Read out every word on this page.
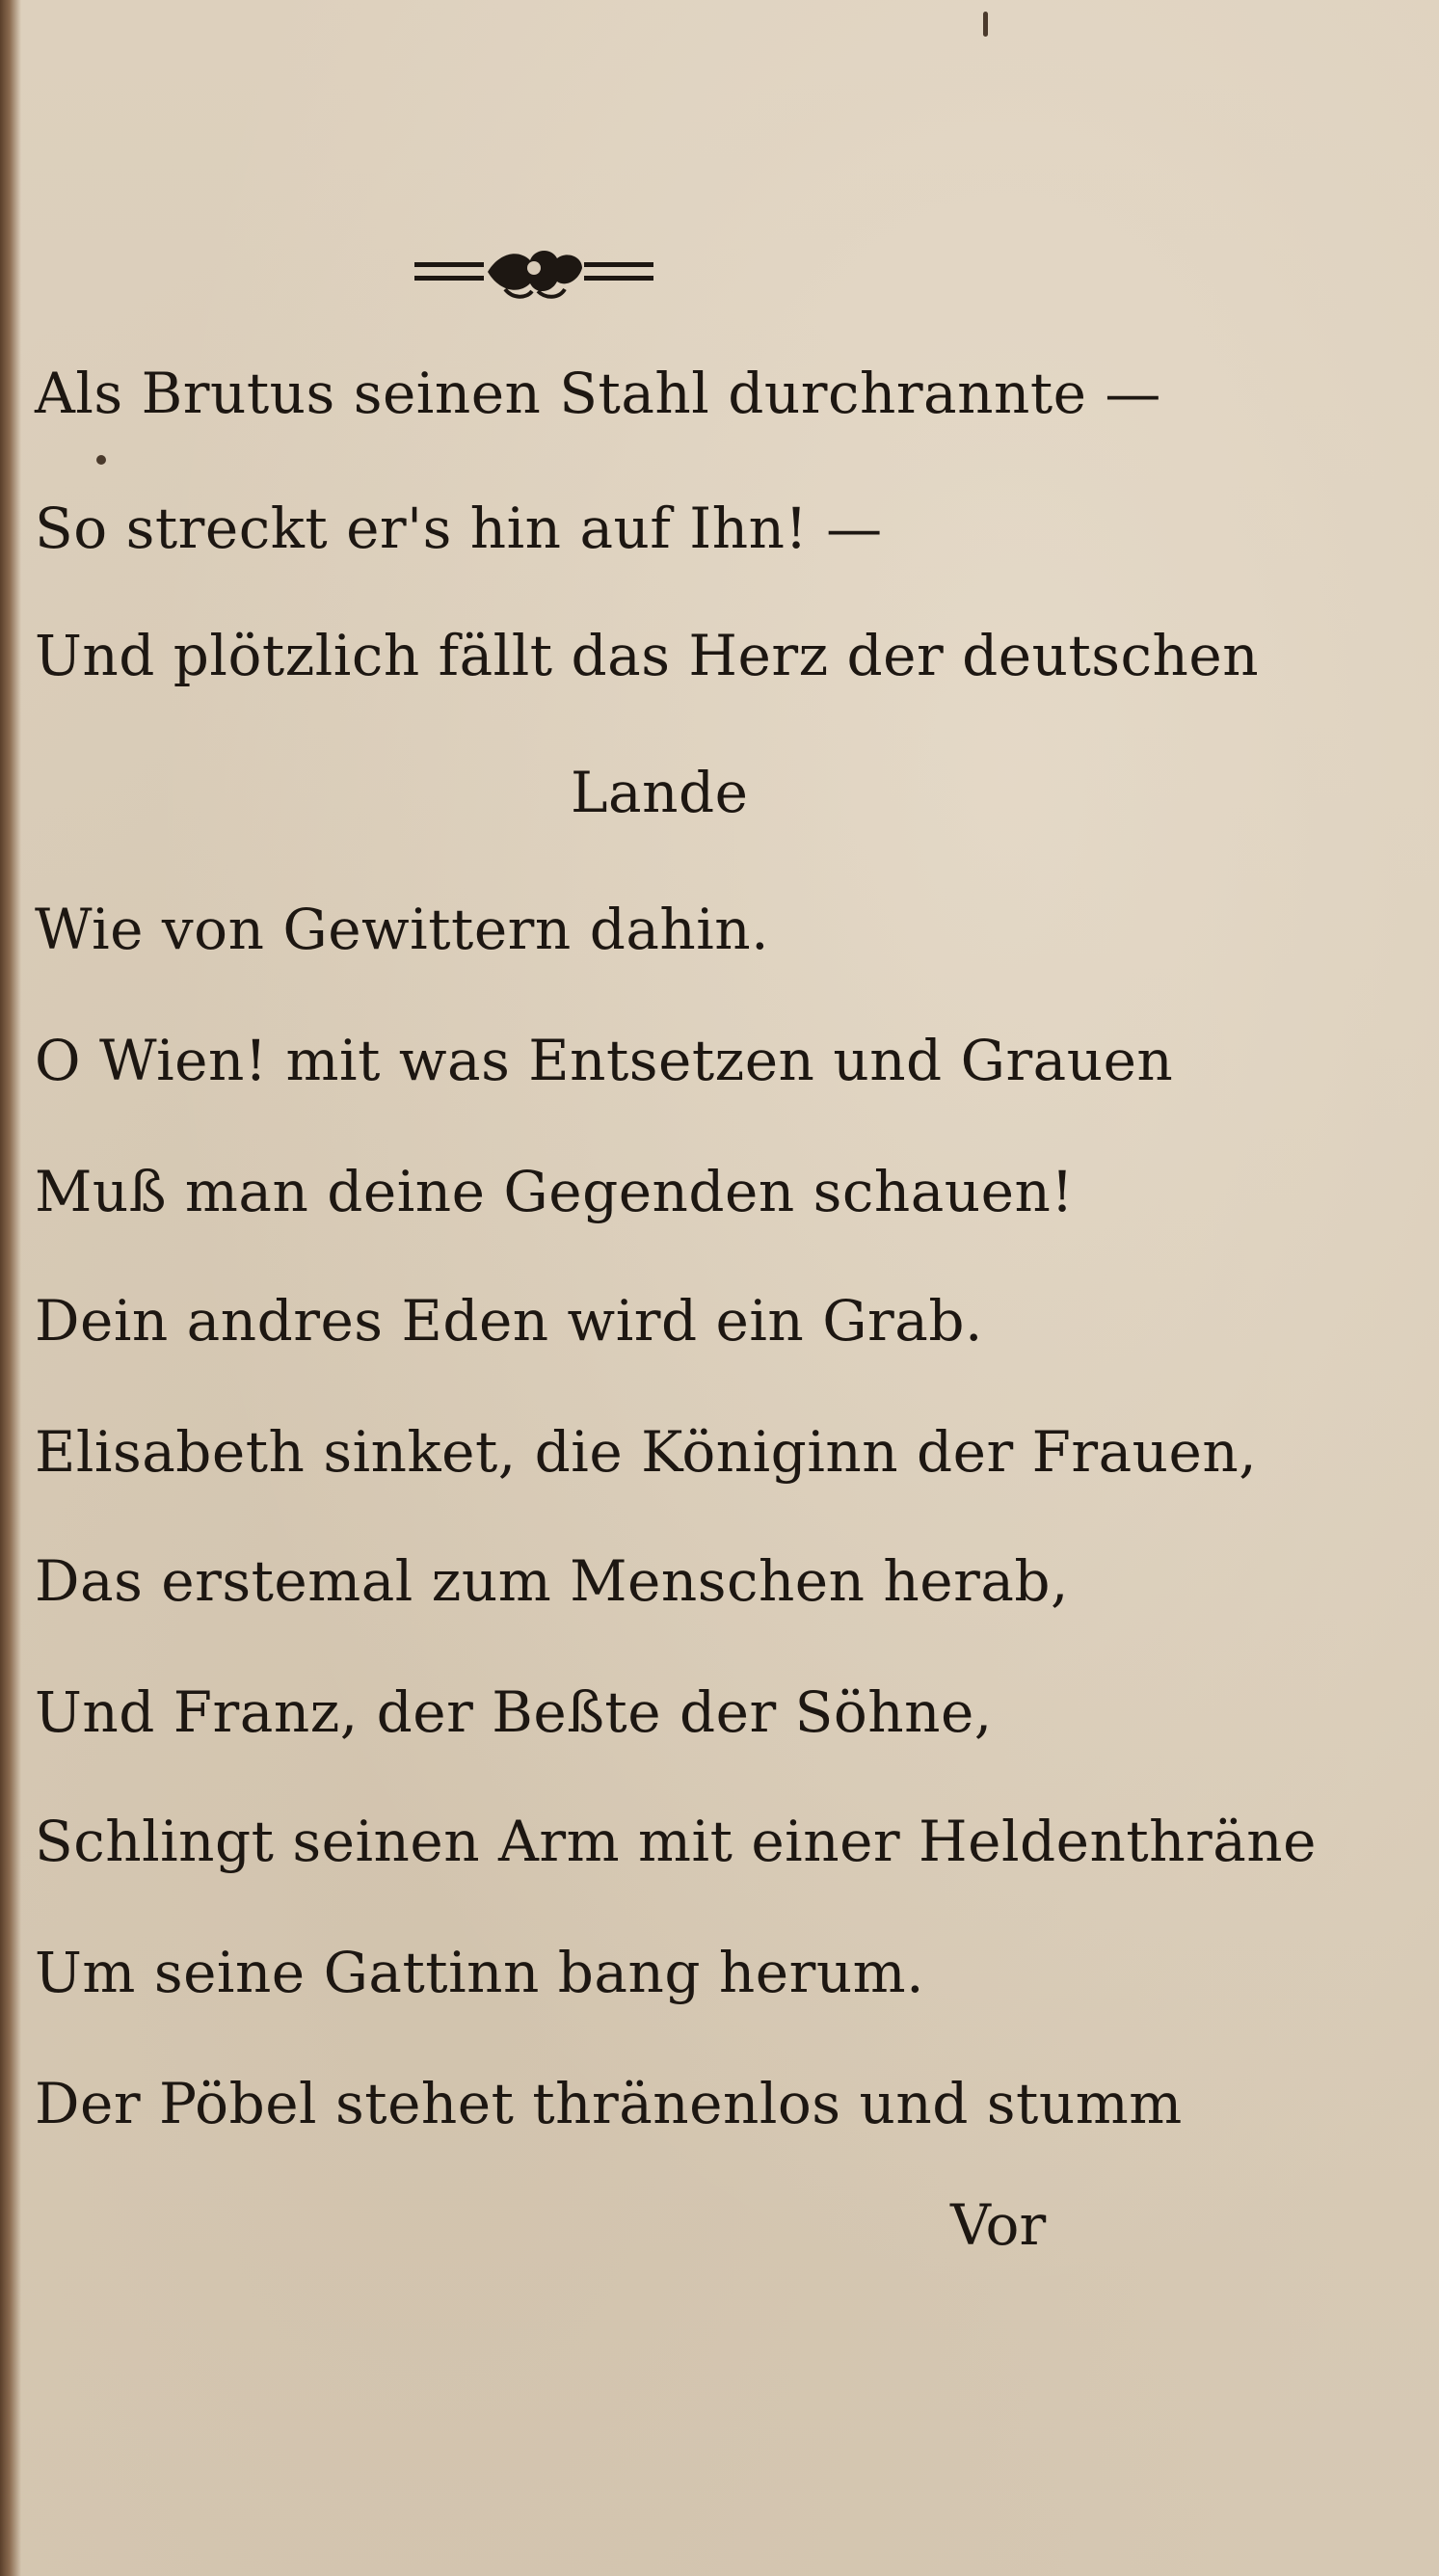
Als Brutus seinen Stahl durchrannte —
So streckt er's hin auf Ihn! —
Und plötzlich fällt das Herz der deutschen
Lande
Wie von Gewittern dahin.
O Wien! mit was Entsetzen und Grauen
Muß man deine Gegenden schauen!
Dein andres Eden wird ein Grab.
Elisabeth sinket, die Königinn der Frauen,
Das erstemal zum Menschen herab,
Und Franz, der Beßte der Söhne,
Schlingt seinen Arm mit einer Heldenthräne
Um seine Gattinn bang herum.
Der Pöbel stehet thränenlos und stumm
Vor
